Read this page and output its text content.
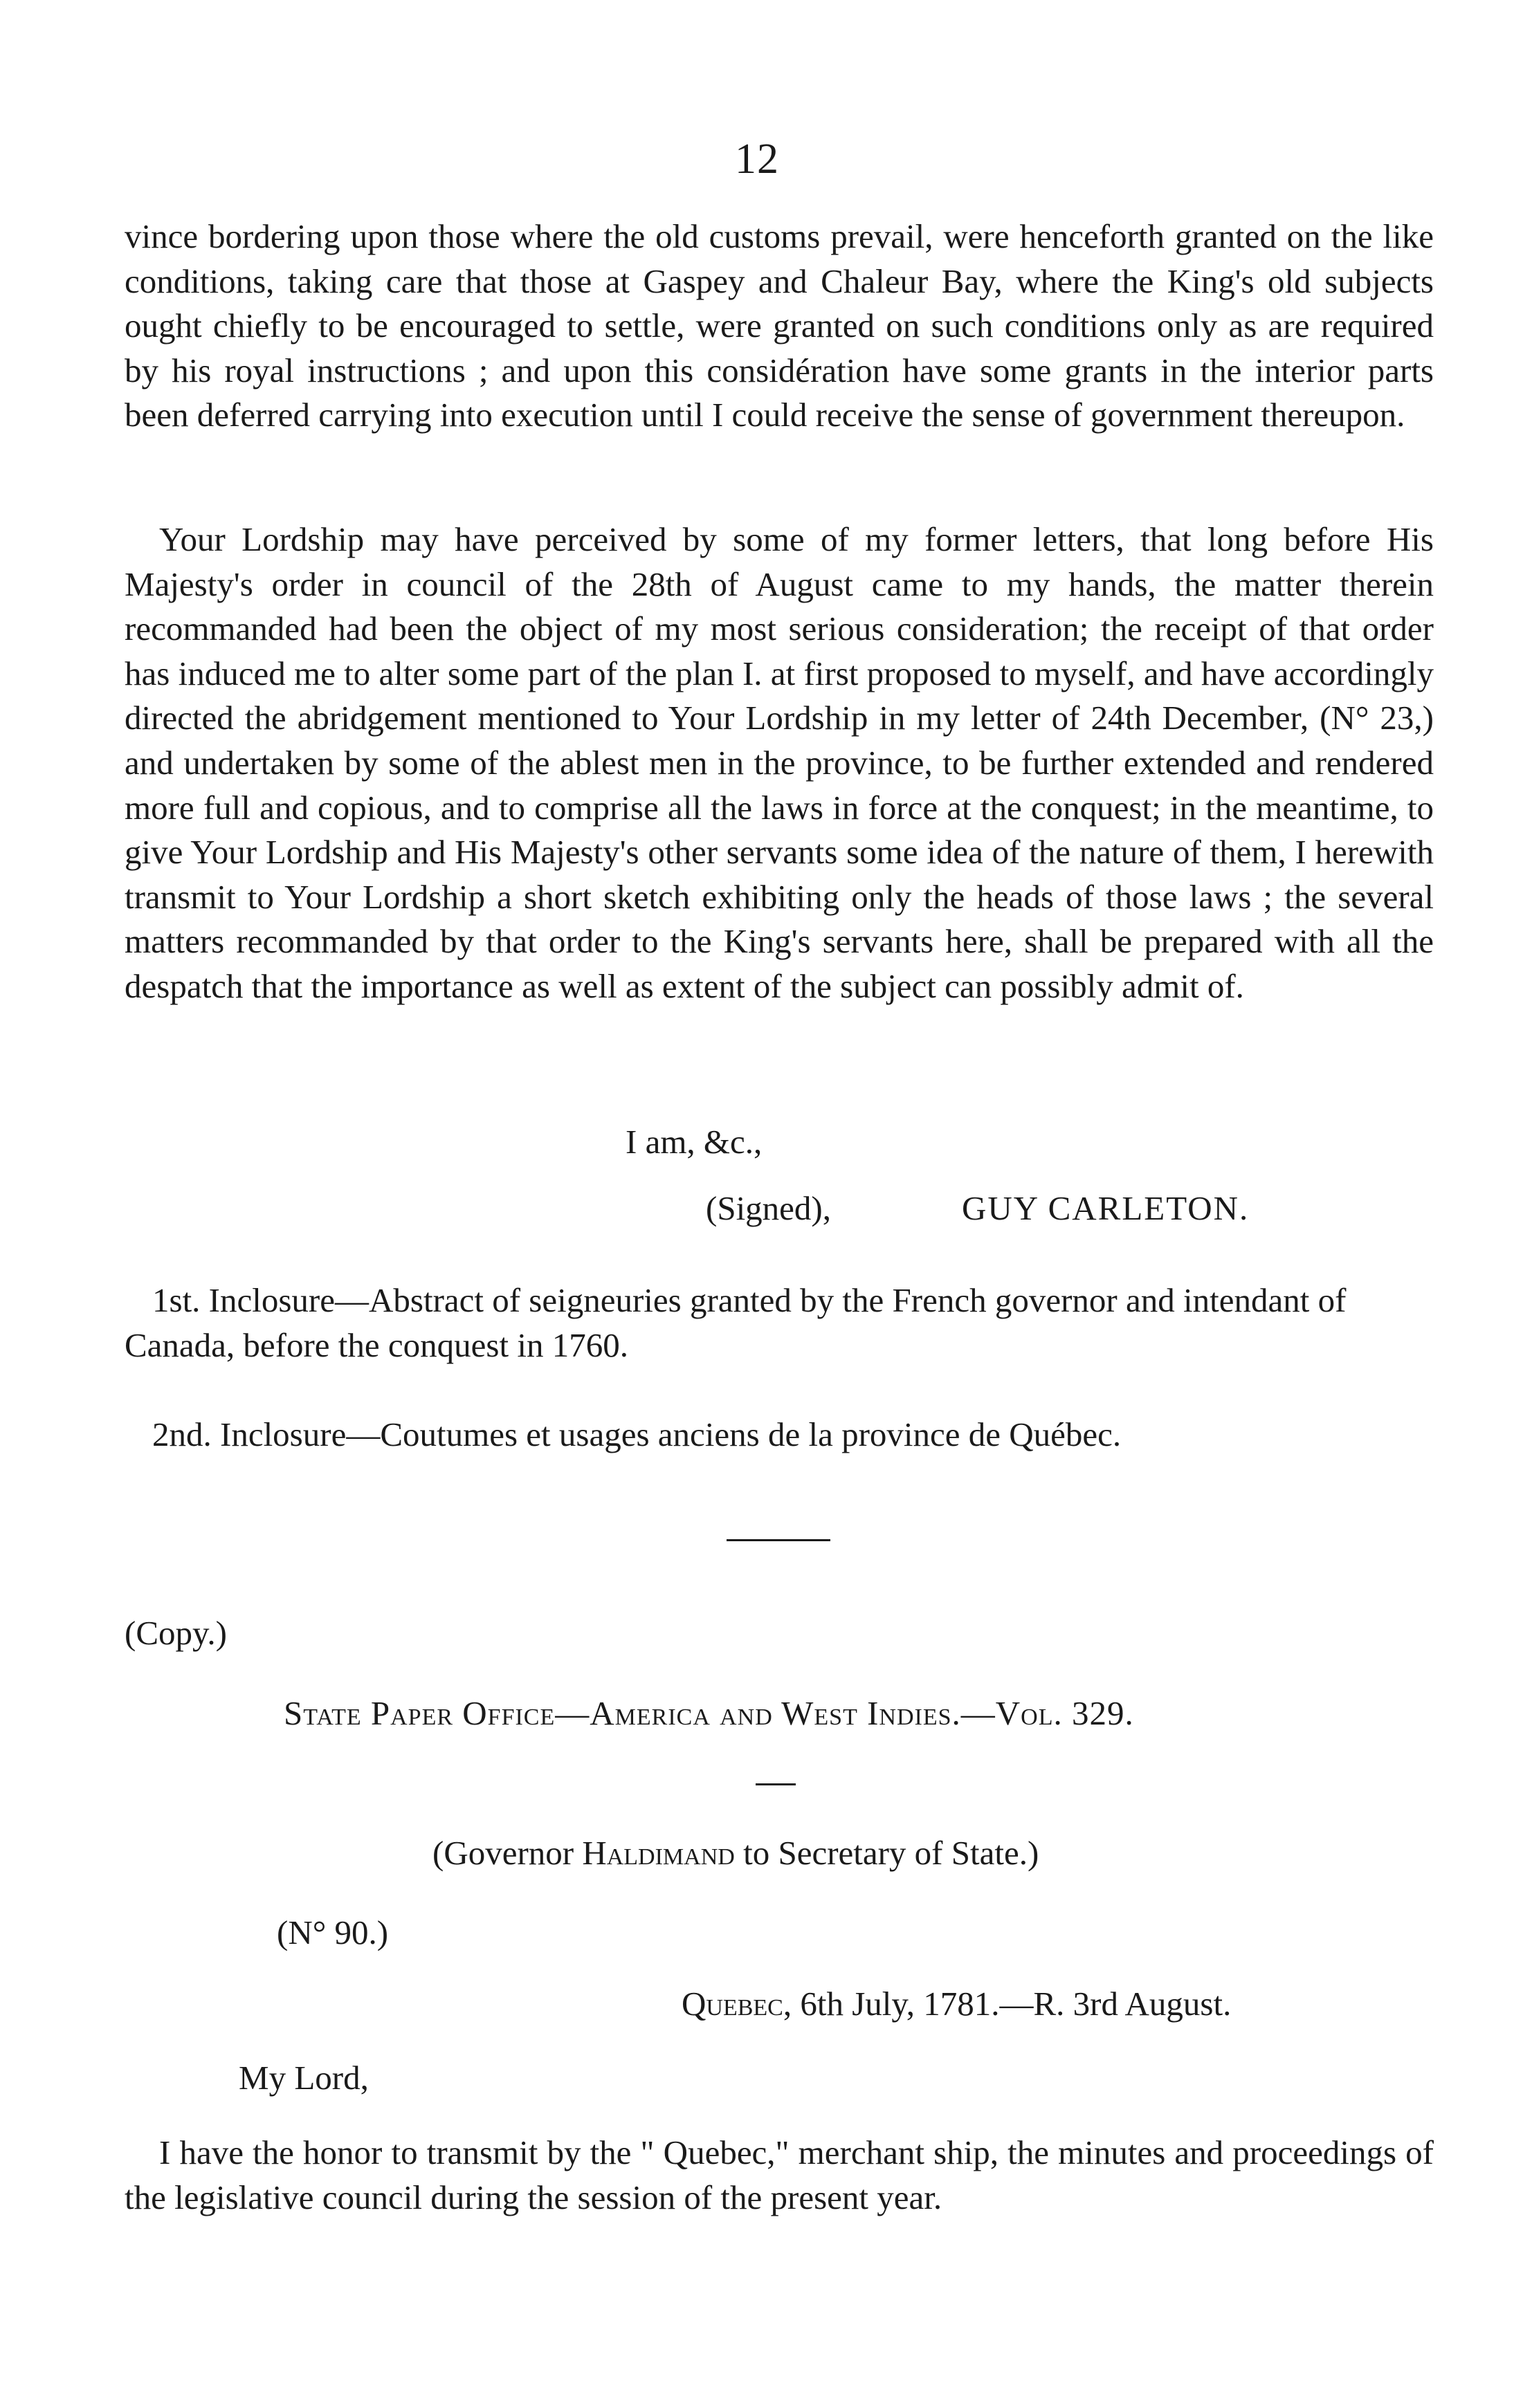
12
vince bordering upon those where the old customs prevail, were henceforth granted on the like conditions, taking care that those at Gaspey and Chaleur Bay, where the King's old subjects ought chiefly to be encouraged to settle, were granted on such conditions only as are required by his royal instructions ; and upon this considération have some grants in the interior parts been deferred carrying into execution until I could receive the sense of government thereupon.
Your Lordship may have perceived by some of my former letters, that long before His Majesty's order in council of the 28th of August came to my hands, the matter therein recommanded had been the object of my most serious consideration; the receipt of that order has induced me to alter some part of the plan I. at first proposed to myself, and have accordingly directed the abridgement mentioned to Your Lordship in my letter of 24th December, (N° 23,) and undertaken by some of the ablest men in the province, to be further extended and rendered more full and copious, and to comprise all the laws in force at the conquest; in the meantime, to give Your Lordship and His Majesty's other servants some idea of the nature of them, I herewith transmit to Your Lordship a short sketch exhibiting only the heads of those laws ; the several matters recommanded by that order to the King's servants here, shall be prepared with all the despatch that the importance as well as extent of the subject can possibly admit of.
I am, &c.,
(Signed),	GUY CARLETON.
1st. Inclosure—Abstract of seigneuries granted by the French governor and intendant of Canada, before the conquest in 1760.
2nd. Inclosure—Coutumes et usages anciens de la province de Québec.
(Copy.)
State Paper Office—America and West Indies.—Vol. 329.
(Governor Haldimand to Secretary of State.)
(N° 90.)
Quebec, 6th July, 1781.—R. 3rd August.
My Lord,
I have the honor to transmit by the " Quebec," merchant ship, the minutes and proceedings of the legislative council during the session of the present year.
